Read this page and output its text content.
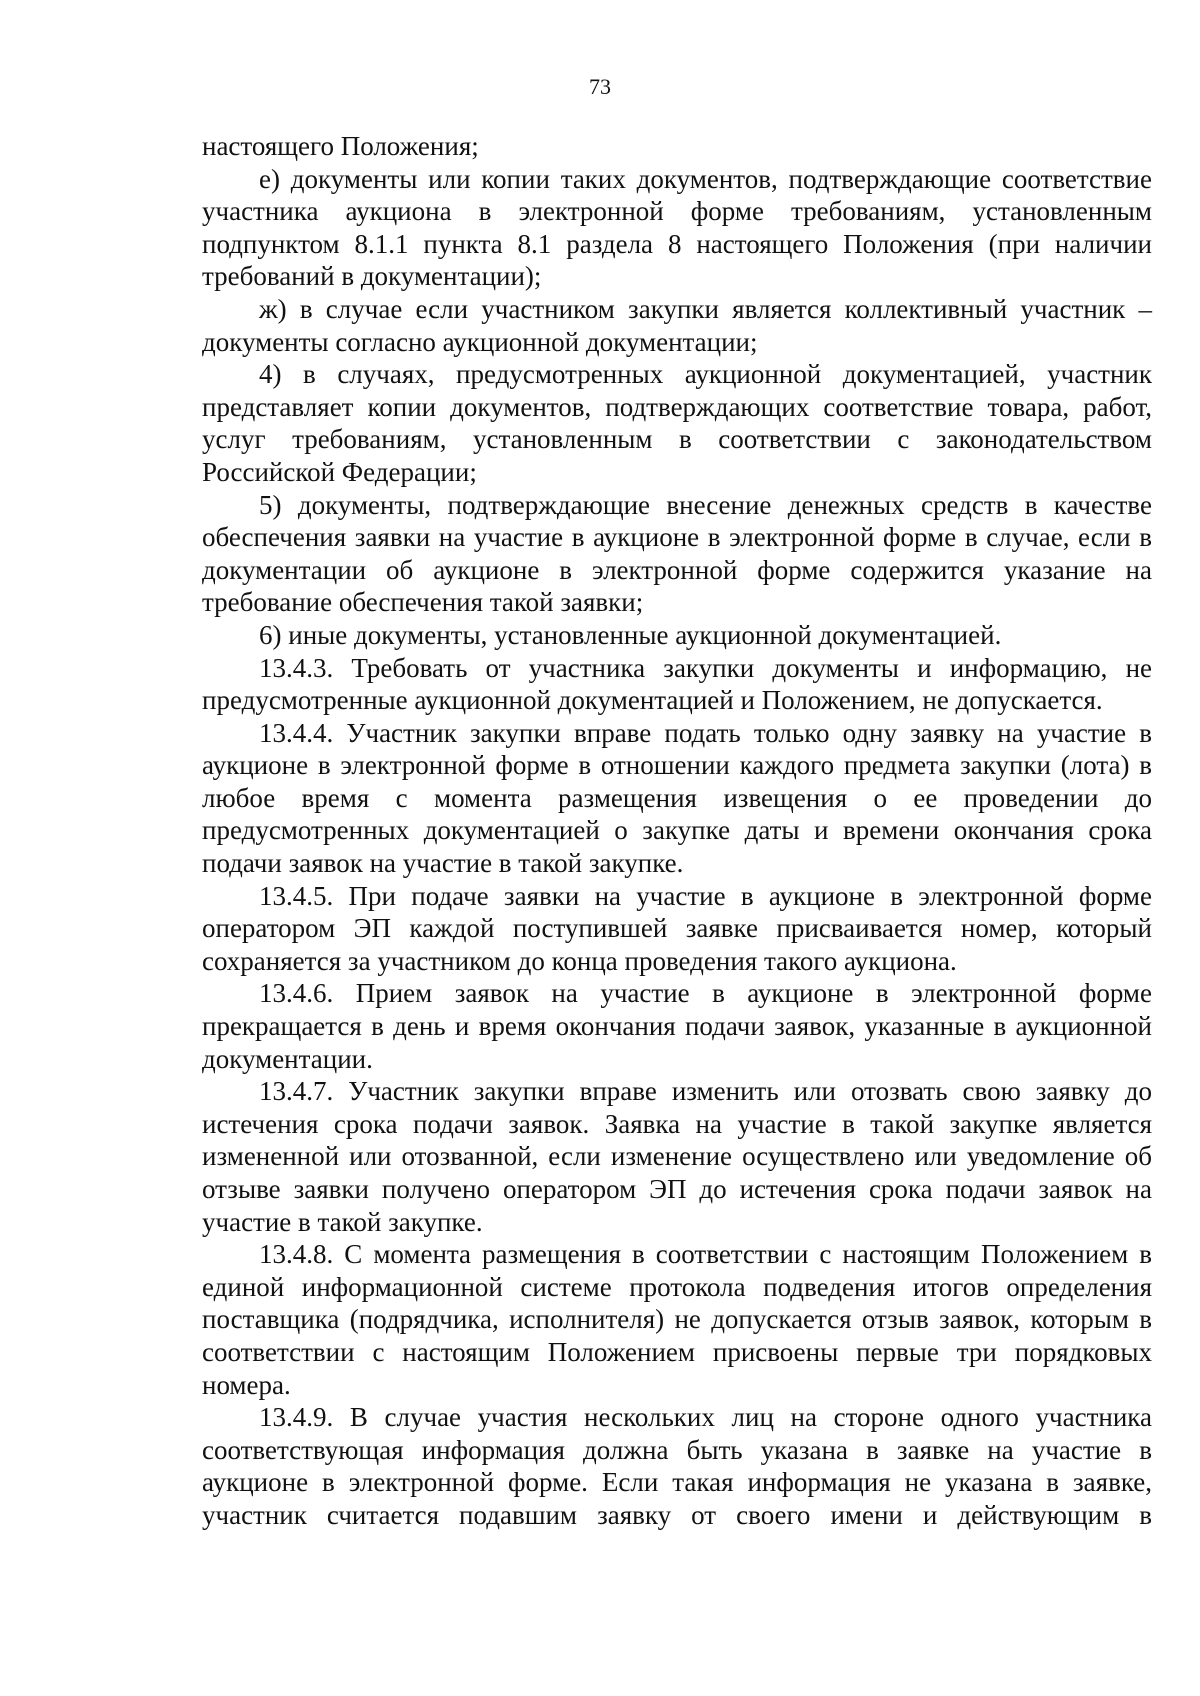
73

настоящего Положения;

е) документы или копии таких документов, подтверждающие соответствие участника аукциона в электронной форме требованиям, установленным подпунктом 8.1.1 пункта 8.1 раздела 8 настоящего Положения (при наличии требований в документации);

ж) в случае если участником закупки является коллективный участник – документы согласно аукционной документации;

4) в случаях, предусмотренных аукционной документацией, участник представляет копии документов, подтверждающих соответствие товара, работ, услуг требованиям, установленным в соответствии с законодательством Российской Федерации;

5) документы, подтверждающие внесение денежных средств в качестве обеспечения заявки на участие в аукционе в электронной форме в случае, если в документации об аукционе в электронной форме содержится указание на требование обеспечения такой заявки;

6) иные документы, установленные аукционной документацией.

13.4.3. Требовать от участника закупки документы и информацию, не предусмотренные аукционной документацией и Положением, не допускается.

13.4.4. Участник закупки вправе подать только одну заявку на участие в аукционе в электронной форме в отношении каждого предмета закупки (лота) в любое время с момента размещения извещения о ее проведении до предусмотренных документацией о закупке даты и времени окончания срока подачи заявок на участие в такой закупке.

13.4.5. При подаче заявки на участие в аукционе в электронной форме оператором ЭП каждой поступившей заявке присваивается номер, который сохраняется за участником до конца проведения такого аукциона.

13.4.6. Прием заявок на участие в аукционе в электронной форме прекращается в день и время окончания подачи заявок, указанные в аукционной документации.

13.4.7. Участник закупки вправе изменить или отозвать свою заявку до истечения срока подачи заявок. Заявка на участие в такой закупке является измененной или отозванной, если изменение осуществлено или уведомление об отзыве заявки получено оператором ЭП до истечения срока подачи заявок на участие в такой закупке.

13.4.8. С момента размещения в соответствии с настоящим Положением в единой информационной системе протокола подведения итогов определения поставщика (подрядчика, исполнителя) не допускается отзыв заявок, которым в соответствии с настоящим Положением присвоены первые три порядковых номера.

13.4.9. В случае участия нескольких лиц на стороне одного участника соответствующая информация должна быть указана в заявке на участие в аукционе в электронной форме. Если такая информация не указана в заявке, участник считается подавшим заявку от своего имени и действующим в
